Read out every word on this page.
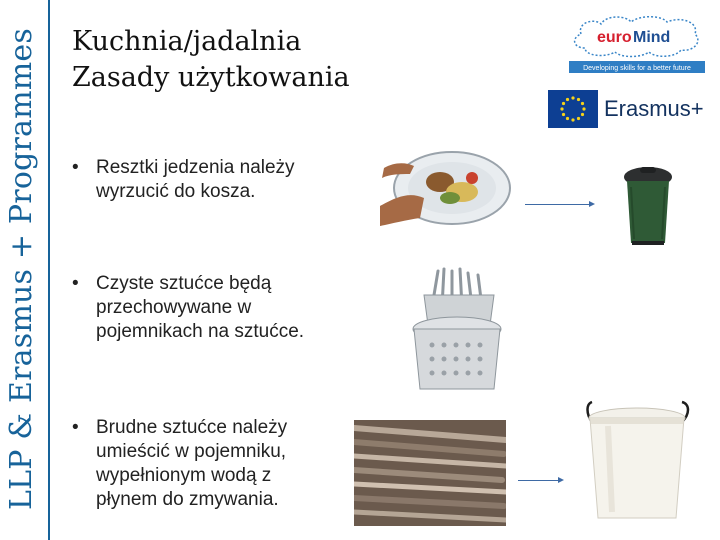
LLP & Erasmus + Programmes Kuchnia/jadalnia
Zasady użytkowania
euro Mind
Developing skills for a better future
Erasmus+
• Resztki jedzenia należy
wyrzucić do kosza.
• Czyste sztućce będą
przechowywane w
pojemnikach na sztućce.
• Brudne sztućce należy
umieścić w pojemniku,
wypełnionym wodą z
płynem do zmywania.
